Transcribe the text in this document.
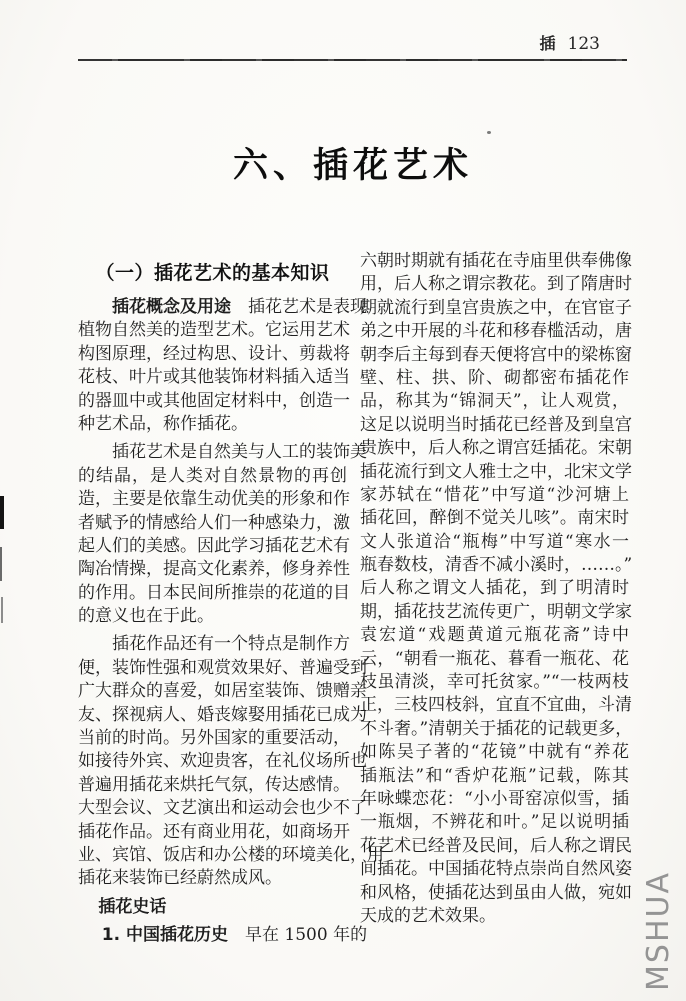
插 123
六、插花艺术
（一）插花艺术的基本知识
插花概念及用途　插花艺术是表现
植物自然美的造型艺术。它运用艺术
构图原理，经过构思、设计、剪裁将
花枝、叶片或其他装饰材料插入适当
的器皿中或其他固定材料中，创造一
种艺术品，称作插花。
插花艺术是自然美与人工的装饰美
的结晶，是人类对自然景物的再创
造，主要是依靠生动优美的形象和作
者赋予的情感给人们一种感染力，激
起人们的美感。因此学习插花艺术有
陶冶情操，提高文化素养，修身养性
的作用。日本民间所推崇的花道的目
的意义也在于此。
插花作品还有一个特点是制作方
便，装饰性强和观赏效果好、普遍受到
广大群众的喜爱，如居室装饰、馈赠亲
友、探视病人、婚丧嫁娶用插花已成为
当前的时尚。另外国家的重要活动，
如接待外宾、欢迎贵客，在礼仪场所也
普遍用插花来烘托气氛，传达感情。
大型会议、文艺演出和运动会也少不了
插花作品。还有商业用花，如商场开
业、宾馆、饭店和办公楼的环境美化，用
插花来装饰已经蔚然成风。
插花史话
1. 中国插花历史　早在 1500 年的
六朝时期就有插花在寺庙里供奉佛像
用，后人称之谓宗教花。到了隋唐时
期就流行到皇宫贵族之中，在官宦子
弟之中开展的斗花和移春槛活动，唐
朝李后主每到春天便将宫中的梁栋窗
壁、柱、拱、阶、砌都密布插花作
品，称其为“锦洞天”，让人观赏，
这足以说明当时插花已经普及到皇宫
贵族中，后人称之谓宫廷插花。宋朝
插花流行到文人雅士之中，北宋文学
家苏轼在“惜花”中写道“沙河塘上
插花回，醉倒不觉关儿咳”。南宋时
文人张道洽“瓶梅”中写道“寒水一
瓶春数枝，清香不减小溪时，……。”
后人称之谓文人插花，到了明清时
期，插花技艺流传更广，明朝文学家
袁宏道“戏题黄道元瓶花斋”诗中
云，“朝看一瓶花、暮看一瓶花、花
枝虽清淡，幸可托贫家。”“一枝两枝
正，三枝四枝斜，宜直不宜曲，斗清
不斗奢。”清朝关于插花的记载更多，
如陈吴子著的“花镜”中就有“养花
插瓶法”和“香炉花瓶”记载，陈其
年咏蝶恋花：“小小哥窑凉似雪，插
一瓶烟，不辨花和叶。”足以说明插
花艺术已经普及民间，后人称之谓民
间插花。中国插花特点崇尚自然风姿
和风格，使插花达到虽由人做，宛如
天成的艺术效果。	MSHUA
